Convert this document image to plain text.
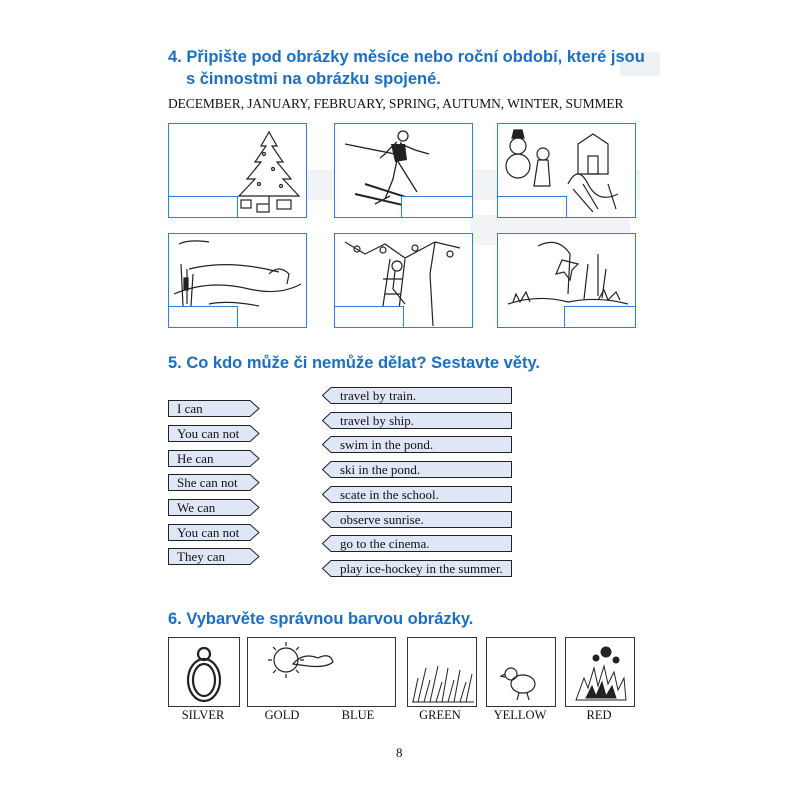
4. Připište pod obrázky měsíce nebo roční období, které jsou
s činnostmi na obrázku spojené.
DECEMBER, JANUARY, FEBRUARY, SPRING, AUTUMN, WINTER, SUMMER
5. Co kdo může či nemůže dělat? Sestavte věty.
I can
You can not
He can
She can not
We can
You can not
They can
travel by train.
travel by ship.
swim in the pond.
ski in the pond.
scate in the school.
observe sunrise.
go to the cinema.
play ice-hockey in the summer.
6. Vybarvěte správnou barvou obrázky.
SILVER	GOLD	BLUE	GREEN	YELLOW	RED
8
